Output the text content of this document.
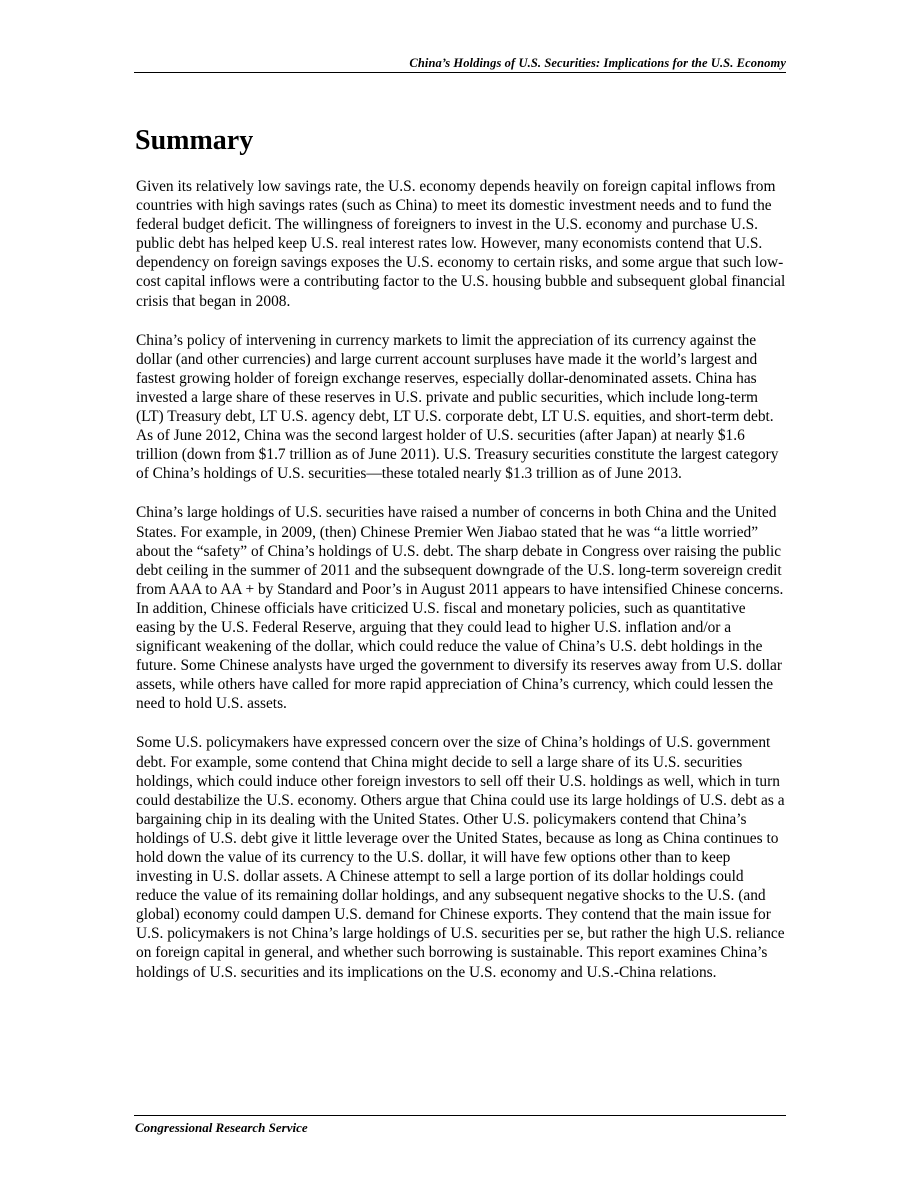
China’s Holdings of U.S. Securities: Implications for the U.S. Economy
Summary

Given its relatively low savings rate, the U.S. economy depends heavily on foreign capital inflows from countries with high savings rates (such as China) to meet its domestic investment needs and to fund the federal budget deficit. The willingness of foreigners to invest in the U.S. economy and purchase U.S. public debt has helped keep U.S. real interest rates low. However, many economists contend that U.S. dependency on foreign savings exposes the U.S. economy to certain risks, and some argue that such low-cost capital inflows were a contributing factor to the U.S. housing bubble and subsequent global financial crisis that began in 2008.

China’s policy of intervening in currency markets to limit the appreciation of its currency against the dollar (and other currencies) and large current account surpluses have made it the world’s largest and fastest growing holder of foreign exchange reserves, especially dollar-denominated assets. China has invested a large share of these reserves in U.S. private and public securities, which include long-term (LT) Treasury debt, LT U.S. agency debt, LT U.S. corporate debt, LT U.S. equities, and short-term debt. As of June 2012, China was the second largest holder of U.S. securities (after Japan) at nearly $1.6 trillion (down from $1.7 trillion as of June 2011). U.S. Treasury securities constitute the largest category of China’s holdings of U.S. securities—these totaled nearly $1.3 trillion as of June 2013.

China’s large holdings of U.S. securities have raised a number of concerns in both China and the United States. For example, in 2009, (then) Chinese Premier Wen Jiabao stated that he was “a little worried” about the “safety” of China’s holdings of U.S. debt. The sharp debate in Congress over raising the public debt ceiling in the summer of 2011 and the subsequent downgrade of the U.S. long-term sovereign credit from AAA to AA + by Standard and Poor’s in August 2011 appears to have intensified Chinese concerns. In addition, Chinese officials have criticized U.S. fiscal and monetary policies, such as quantitative easing by the U.S. Federal Reserve, arguing that they could lead to higher U.S. inflation and/or a significant weakening of the dollar, which could reduce the value of China’s U.S. debt holdings in the future. Some Chinese analysts have urged the government to diversify its reserves away from U.S. dollar assets, while others have called for more rapid appreciation of China’s currency, which could lessen the need to hold U.S. assets.

Some U.S. policymakers have expressed concern over the size of China’s holdings of U.S. government debt. For example, some contend that China might decide to sell a large share of its U.S. securities holdings, which could induce other foreign investors to sell off their U.S. holdings as well, which in turn could destabilize the U.S. economy. Others argue that China could use its large holdings of U.S. debt as a bargaining chip in its dealing with the United States. Other U.S. policymakers contend that China’s holdings of U.S. debt give it little leverage over the United States, because as long as China continues to hold down the value of its currency to the U.S. dollar, it will have few options other than to keep investing in U.S. dollar assets. A Chinese attempt to sell a large portion of its dollar holdings could reduce the value of its remaining dollar holdings, and any subsequent negative shocks to the U.S. (and global) economy could dampen U.S. demand for Chinese exports. They contend that the main issue for U.S. policymakers is not China’s large holdings of U.S. securities per se, but rather the high U.S. reliance on foreign capital in general, and whether such borrowing is sustainable. This report examines China’s holdings of U.S. securities and its implications on the U.S. economy and U.S.-China relations.

Congressional Research Service
